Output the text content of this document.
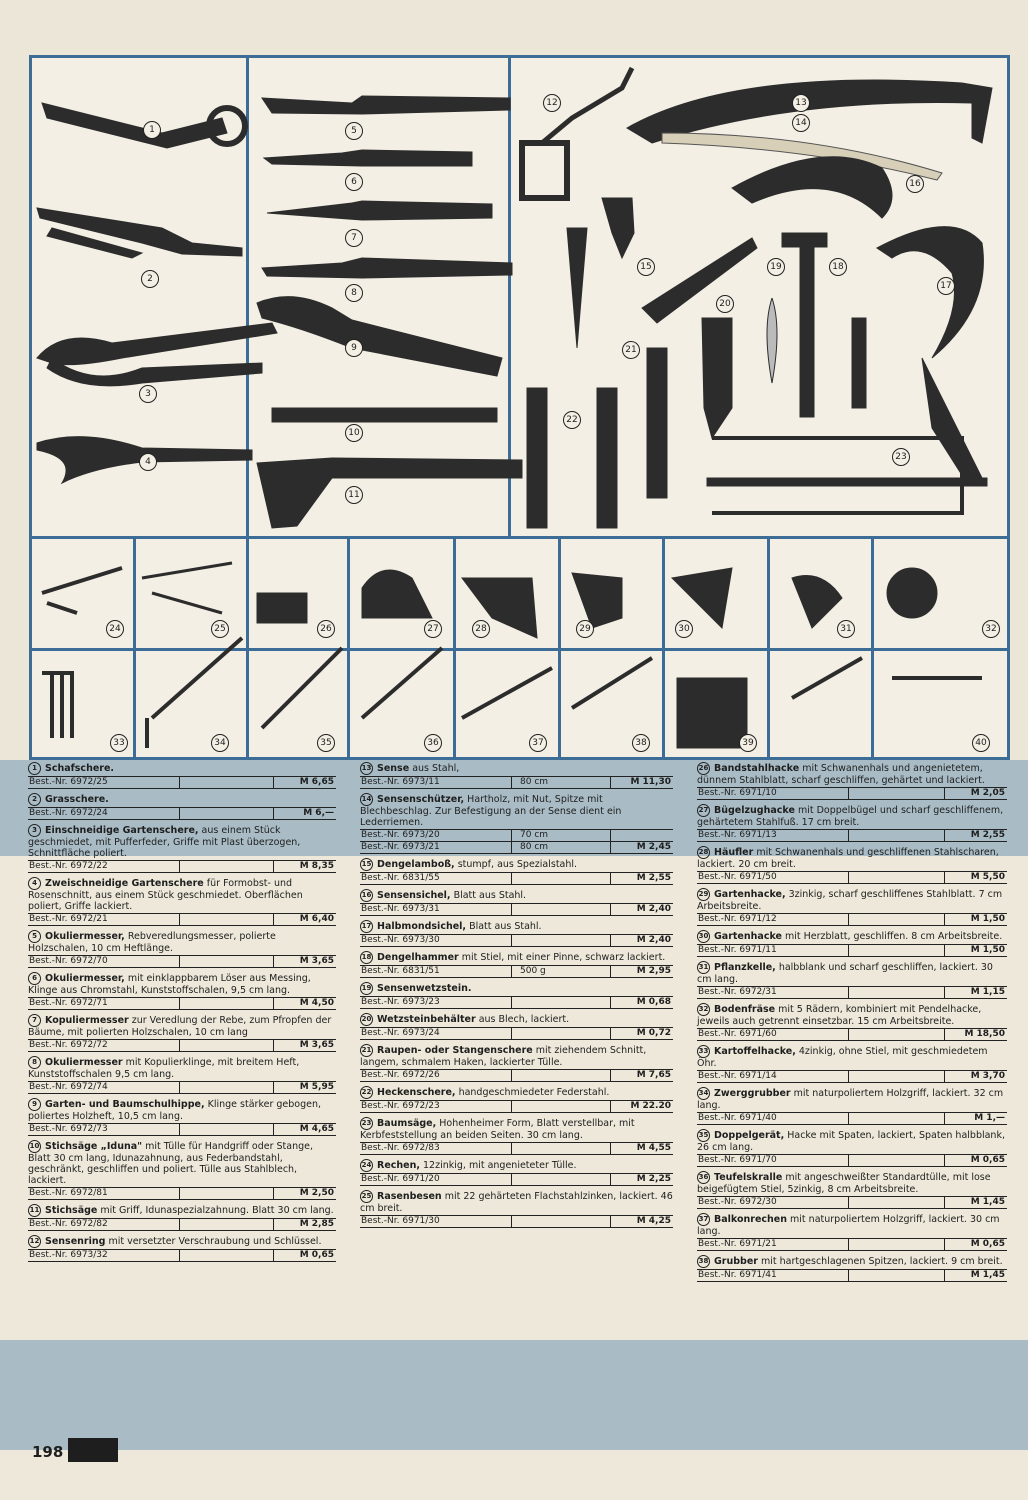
1
2
3
4
5
6
7
8
9
10
11
12	13
14
15
16
17
18
19
20
21
22
23
24	25	26	27	28	29	30	31	32
33	34	35	36	37	38	39	40
1 Schafschere.
Best.-Nr. 6972/25	M 6,65
2 Grasschere.
Best.-Nr. 6972/24	M 6,—
3 Einschneidige Gartenschere, aus einem Stück geschmiedet, mit Pufferfeder, Griffe mit Plast überzogen, Schnittfläche poliert.
Best.-Nr. 6972/22	M 8,35
4 Zweischneidige Gartenschere für Formobst- und Rosenschnitt, aus einem Stück geschmiedet. Oberflächen poliert, Griffe lackiert.
Best.-Nr. 6972/21	M 6,40
5 Okuliermesser, Rebveredlungsmesser, polierte Holzschalen, 10 cm Heftlänge.
Best.-Nr. 6972/70	M 3,65
6 Okuliermesser, mit einklappbarem Löser aus Messing, Klinge aus Chromstahl, Kunststoffschalen, 9,5 cm lang.
Best.-Nr. 6972/71	M 4,50
7 Kopuliermesser zur Veredlung der Rebe, zum Pfropfen der Bäume, mit polierten Holzschalen, 10 cm lang
Best.-Nr. 6972/72	M 3,65
8 Okuliermesser mit Kopulierklinge, mit breitem Heft, Kunststoffschalen 9,5 cm lang.
Best.-Nr. 6972/74	M 5,95
9 Garten- und Baumschulhippe, Klinge stärker gebogen, poliertes Holzheft, 10,5 cm lang.
Best.-Nr. 6972/73	M 4,65
10 Stichsäge „Iduna" mit Tülle für Handgriff oder Stange, Blatt 30 cm lang, Idunazahnung, aus Federbandstahl, geschränkt, geschliffen und poliert. Tülle aus Stahlblech, lackiert.
Best.-Nr. 6972/81	M 2,50
11 Stichsäge mit Griff, Idunaspezialzahnung. Blatt 30 cm lang.
Best.-Nr. 6972/82	M 2,85
12 Sensenring mit versetzter Verschraubung und Schlüssel.
Best.-Nr. 6973/32	M 0,65
13 Sense aus Stahl,
Best.-Nr. 6973/11	80 cm	M 11,30
14 Sensenschützer, Hartholz, mit Nut, Spitze mit Blechbeschlag. Zur Befestigung an der Sense dient ein Lederriemen.
Best.-Nr. 6973/20	70 cm
Best.-Nr. 6973/21	80 cm	M 2,45
15 Dengelamboß, stumpf, aus Spezialstahl.
Best.-Nr. 6831/55	M 2,55
16 Sensensichel, Blatt aus Stahl.
Best.-Nr. 6973/31	M 2,40
17 Halbmondsichel, Blatt aus Stahl.
Best.-Nr. 6973/30	M 2,40
18 Dengelhammer mit Stiel, mit einer Pinne, schwarz lackiert.
Best.-Nr. 6831/51	500 g	M 2,95
19 Sensenwetzstein.
Best.-Nr. 6973/23	M 0,68
20 Wetzsteinbehälter aus Blech, lackiert.
Best.-Nr. 6973/24	M 0,72
21 Raupen- oder Stangenschere mit ziehendem Schnitt, langem, schmalem Haken, lackierter Tülle.
Best.-Nr. 6972/26	M 7,65
22 Heckenschere, handgeschmiedeter Federstahl.
Best.-Nr. 6972/23	M 22.20
23 Baumsäge, Hohenheimer Form, Blatt verstellbar, mit Kerbfeststellung an beiden Seiten. 30 cm lang.
Best.-Nr. 6972/83	M 4,55
24 Rechen, 12zinkig, mit angenieteter Tülle.
Best.-Nr. 6971/20	M 2,25
25 Rasenbesen mit 22 gehärteten Flachstahlzinken, lackiert. 46 cm breit.
Best.-Nr. 6971/30	M 4,25
26 Bandstahlhacke mit Schwanenhals und angenietetem, dünnem Stahlblatt, scharf geschliffen, gehärtet und lackiert.
Best.-Nr. 6971/10	M 2,05
27 Bügelzughacke mit Doppelbügel und scharf geschliffenem, gehärtetem Stahlfuß. 17 cm breit.
Best.-Nr. 6971/13	M 2,55
28 Häufler mit Schwanenhals und geschliffenen Stahlscharen, lackiert. 20 cm breit.
Best.-Nr. 6971/50	M 5,50
29 Gartenhacke, 3zinkig, scharf geschliffenes Stahlblatt. 7 cm Arbeitsbreite.
Best.-Nr. 6971/12	M 1,50
30 Gartenhacke mit Herzblatt, geschliffen. 8 cm Arbeitsbreite.
Best.-Nr. 6971/11	M 1,50
31 Pflanzkelle, halbblank und scharf geschliffen, lackiert. 30 cm lang.
Best.-Nr. 6972/31	M 1,15
32 Bodenfräse mit 5 Rädern, kombiniert mit Pendelhacke, jeweils auch getrennt einsetzbar. 15 cm Arbeitsbreite.
Best.-Nr. 6971/60	M 18,50
33 Kartoffelhacke, 4zinkig, ohne Stiel, mit geschmiedetem Öhr.
Best.-Nr. 6971/14	M 3,70
34 Zwerggrubber mit naturpoliertem Holzgriff, lackiert. 32 cm lang.
Best.-Nr. 6971/40	M 1,—
35 Doppelgerät, Hacke mit Spaten, lackiert, Spaten halbblank, 26 cm lang.
Best.-Nr. 6971/70	M 0,65
36 Teufelskralle mit angeschweißter Standardtülle, mit lose beigefügtem Stiel, 5zinkig, 8 cm Arbeitsbreite.
Best.-Nr. 6972/30	M 1,45
37 Balkonrechen mit naturpoliertem Holzgriff, lackiert. 30 cm lang.
Best.-Nr. 6971/21	M 0,65
38 Grubber mit hartgeschlagenen Spitzen, lackiert. 9 cm breit.
Best.-Nr. 6971/41	M 1,45
198
